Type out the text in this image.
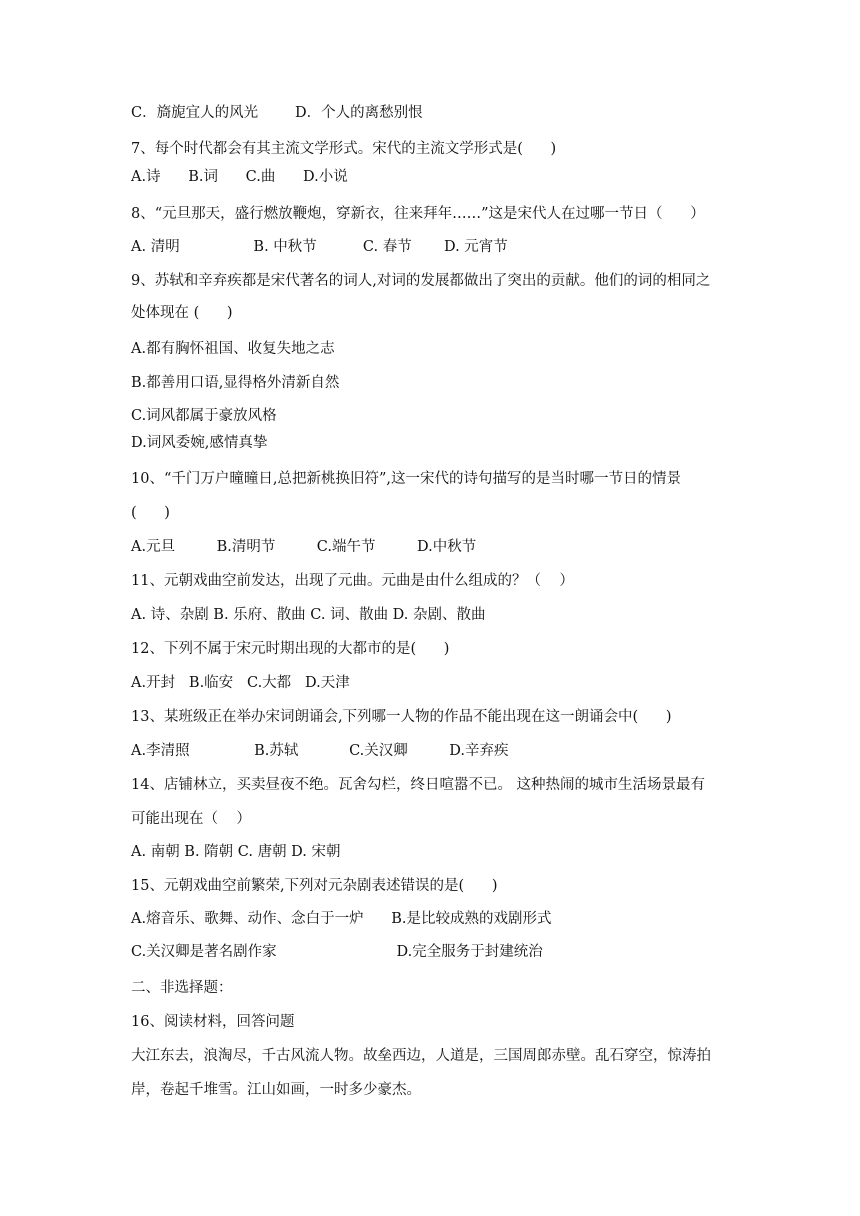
C．旖旎宜人的风光        D．个人的离愁别恨
7、每个时代都会有其主流文学形式。宋代的主流文学形式是(      )
A.诗      B.词      C.曲      D.小说
8、“元旦那天，盛行燃放鞭炮，穿新衣，往来拜年……”这是宋代人在过哪一节日（      ）
A. 清明                B. 中秋节          C. 春节       D. 元宵节
9、苏轼和辛弃疾都是宋代著名的词人,对词的发展都做出了突出的贡献。他们的词的相同之
处体现在 (      )
A.都有胸怀祖国、收复失地之志
B.都善用口语,显得格外清新自然
C.词风都属于豪放风格
D.词风委婉,感情真挚
10、“千门万户曈曈日,总把新桃换旧符”,这一宋代的诗句描写的是当时哪一节日的情景
(      )
A.元旦         B.清明节         C.端午节         D.中秋节
11、元朝戏曲空前发达，出现了元曲。元曲是由什么组成的？（    ）
A. 诗、杂剧 B. 乐府、散曲 C. 词、散曲 D. 杂剧、散曲
12、下列不属于宋元时期出现的大都市的是(      )
A.开封   B.临安   C.大都   D.天津
13、某班级正在举办宋词朗诵会,下列哪一人物的作品不能出现在这一朗诵会中(      )
A.李清照              B.苏轼           C.关汉卿         D.辛弃疾
14、店铺林立，买卖昼夜不绝。瓦舍勾栏，终日喧嚣不已。 这种热闹的城市生活场景最有
可能出现在（    ）
A. 南朝 B. 隋朝 C. 唐朝 D. 宋朝
15、元朝戏曲空前繁荣,下列对元杂剧表述错误的是(      )
A.熔音乐、歌舞、动作、念白于一炉      B.是比较成熟的戏剧形式
C.关汉卿是著名剧作家                          D.完全服务于封建统治
二、非选择题：
16、阅读材料，回答问题
大江东去，浪淘尽，千古风流人物。故垒西边，人道是，三国周郎赤壁。乱石穿空，惊涛拍
岸，卷起千堆雪。江山如画，一时多少豪杰。
